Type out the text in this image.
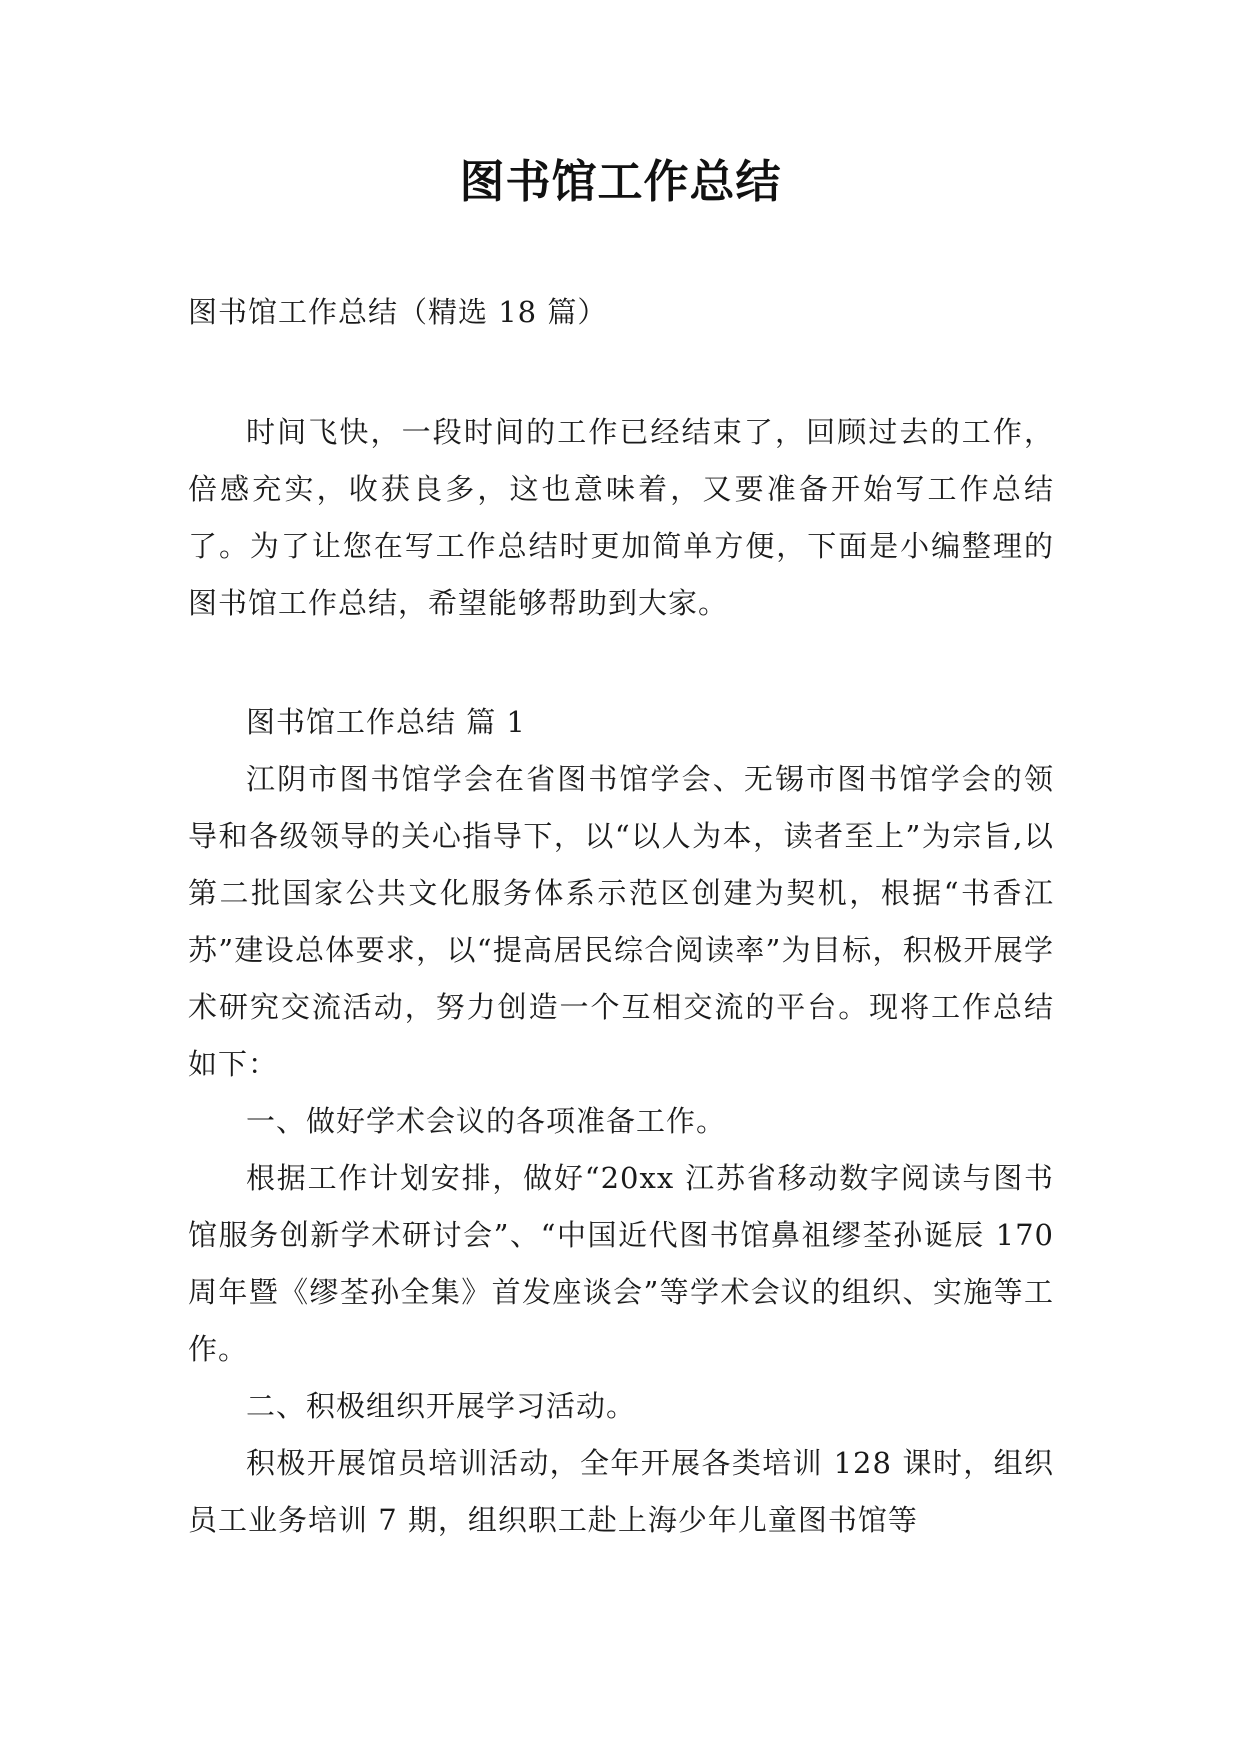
图书馆工作总结
图书馆工作总结（精选 18 篇）

时间飞快，一段时间的工作已经结束了，回顾过去的工作，倍感充实，收获良多，这也意味着，又要准备开始写工作总结了。为了让您在写工作总结时更加简单方便，下面是小编整理的图书馆工作总结，希望能够帮助到大家。

图书馆工作总结 篇 1

江阴市图书馆学会在省图书馆学会、无锡市图书馆学会的领导和各级领导的关心指导下，以“以人为本，读者至上”为宗旨,以第二批国家公共文化服务体系示范区创建为契机，根据“书香江苏”建设总体要求，以“提高居民综合阅读率”为目标，积极开展学术研究交流活动，努力创造一个互相交流的平台。现将工作总结如下：

一、做好学术会议的各项准备工作。

根据工作计划安排，做好“20xx 江苏省移动数字阅读与图书馆服务创新学术研讨会”、“中国近代图书馆鼻祖缪荃孙诞辰 170 周年暨《缪荃孙全集》首发座谈会”等学术会议的组织、实施等工作。

二、积极组织开展学习活动。

积极开展馆员培训活动，全年开展各类培训 128 课时，组织员工业务培训 7 期，组织职工赴上海少年儿童图书馆等
